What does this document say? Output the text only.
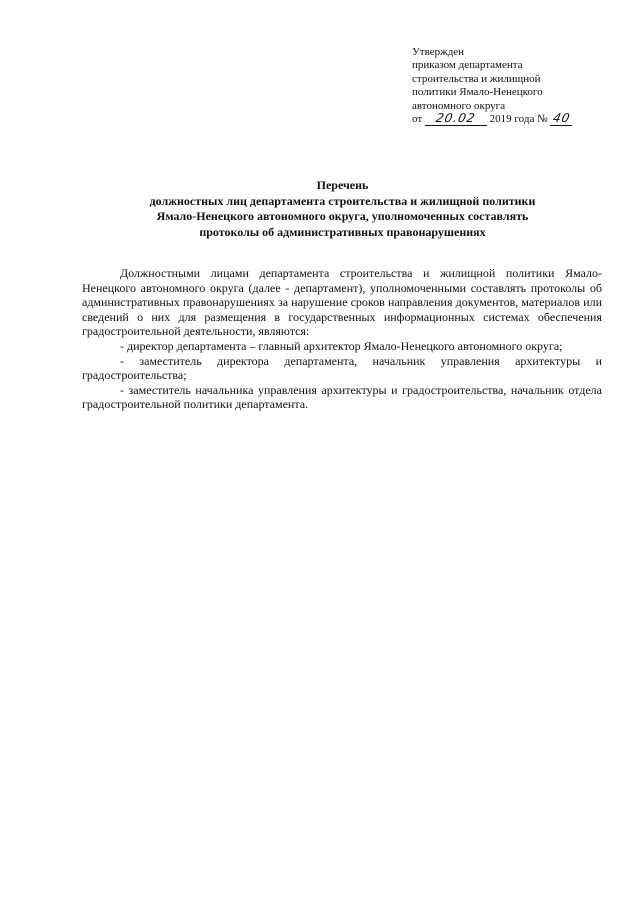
Утвержден
приказом департамента
строительства и жилищной
политики Ямало-Ненецкого
автономного округа
от 20.02 2019 года № 40
Перечень
должностных лиц департамента строительства и жилищной политики
Ямало-Ненецкого автономного округа, уполномоченных составлять
протоколы об административных правонарушениях

Должностными лицами департамента строительства и жилищной политики Ямало-Ненецкого автономного округа (далее - департамент), уполномоченными составлять протоколы об административных правонарушениях за нарушение сроков направления документов, материалов или сведений о них для размещения в государственных информационных системах обеспечения градостроительной деятельности, являются:

- директор департамента – главный архитектор Ямало-Ненецкого автономного округа;

- заместитель директора департамента, начальник управления архитектуры и градостроительства;

- заместитель начальника управления архитектуры и градостроительства, начальник отдела градостроительной политики департамента.
